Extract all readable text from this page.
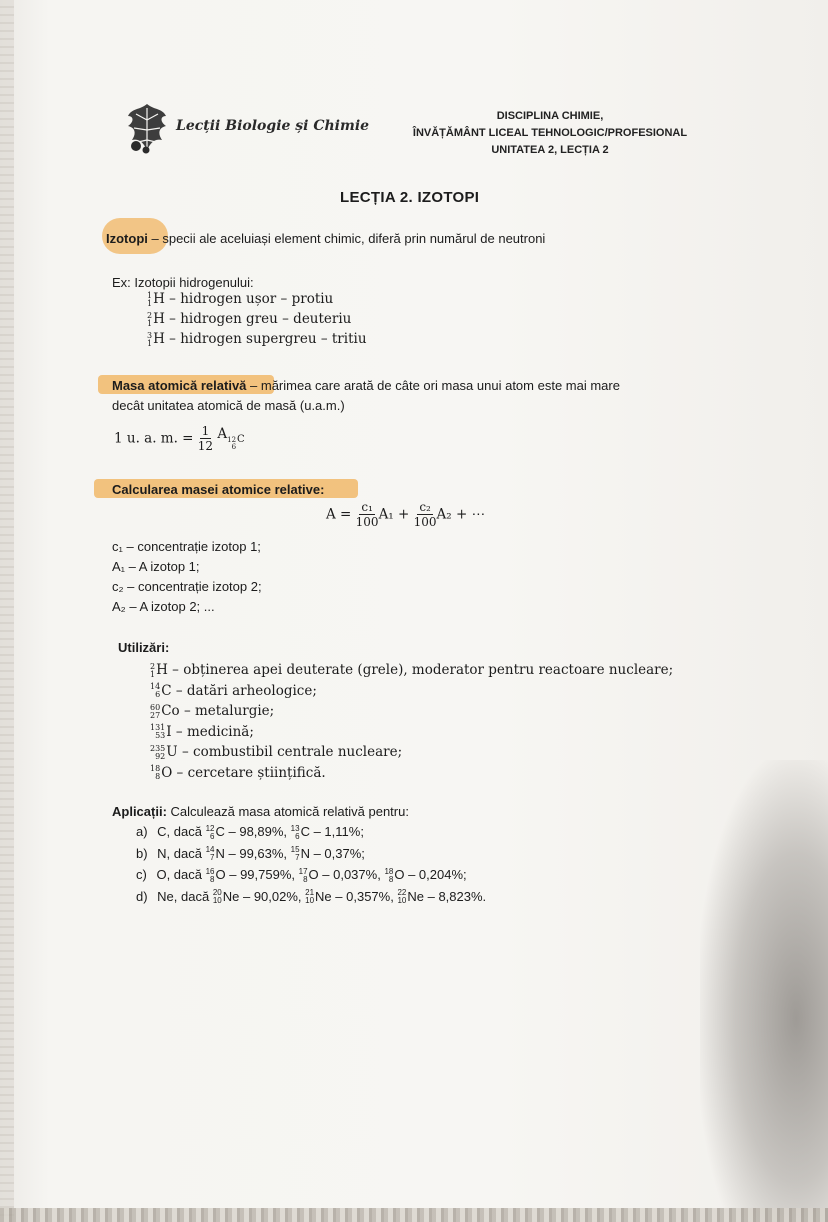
Lecții Biologie și Chimie
DISCIPLINA CHIMIE,
ÎNVĂȚĂMÂNT LICEAL TEHNOLOGIC/PROFESIONAL
UNITATEA 2, LECȚIA 2
LECȚIA 2. IZOTOPI
Izotopi – specii ale aceluiași element chimic, diferă prin numărul de neutroni
Ex: Izotopii hidrogenului:
1
1 H – hidrogen ușor – protiu
2
1 H – hidrogen greu – deuteriu
3
1 H – hidrogen supergreu – tritiu
Masa atomică relativă – mărimea care arată de câte ori masa unui atom este mai mare
decât unitatea atomică de masă (u.a.m.)
1 u. a. m. = $\frac{1}{12}$ A 12
6
$_C$
Calcularea masei atomice relative:
$A = \frac{\text{c₁}}{100} A_1 + \frac{\text{c₂}}{100} A_2$ + ⋯
c₁ – concentrație izotop 1;
A₁ – A izotop 1;
c₂ – concentrație izotop 2;
A₂ – A izotop 2; ...
Utilizări:
2
1 H – obținerea apei deuterate (grele), moderator pentru reactoare nucleare;
14
6 C – datări arheologice;
60
27 Co – metalurgie;
131
53 I – medicină;
235
92 U – combustibil centrale nucleare;
18
8 O – cercetare științifică.
Aplicații: Calculează masa atomică relativă pentru:
a) C, dacă 12
6 C – 98,89%, 13
6 C – 1,11%;
b) N, dacă 14
7 N – 99,63%, 15
7 N – 0,37%;
c) O, dacă 16
8 O – 99,759%, 17
8 O – 0,037%, 18
8 O – 0,204%;
d) Ne, dacă 20
10 Ne – 90,02%, 21
10 Ne – 0,357%, 22
10 Ne – 8,823%.
